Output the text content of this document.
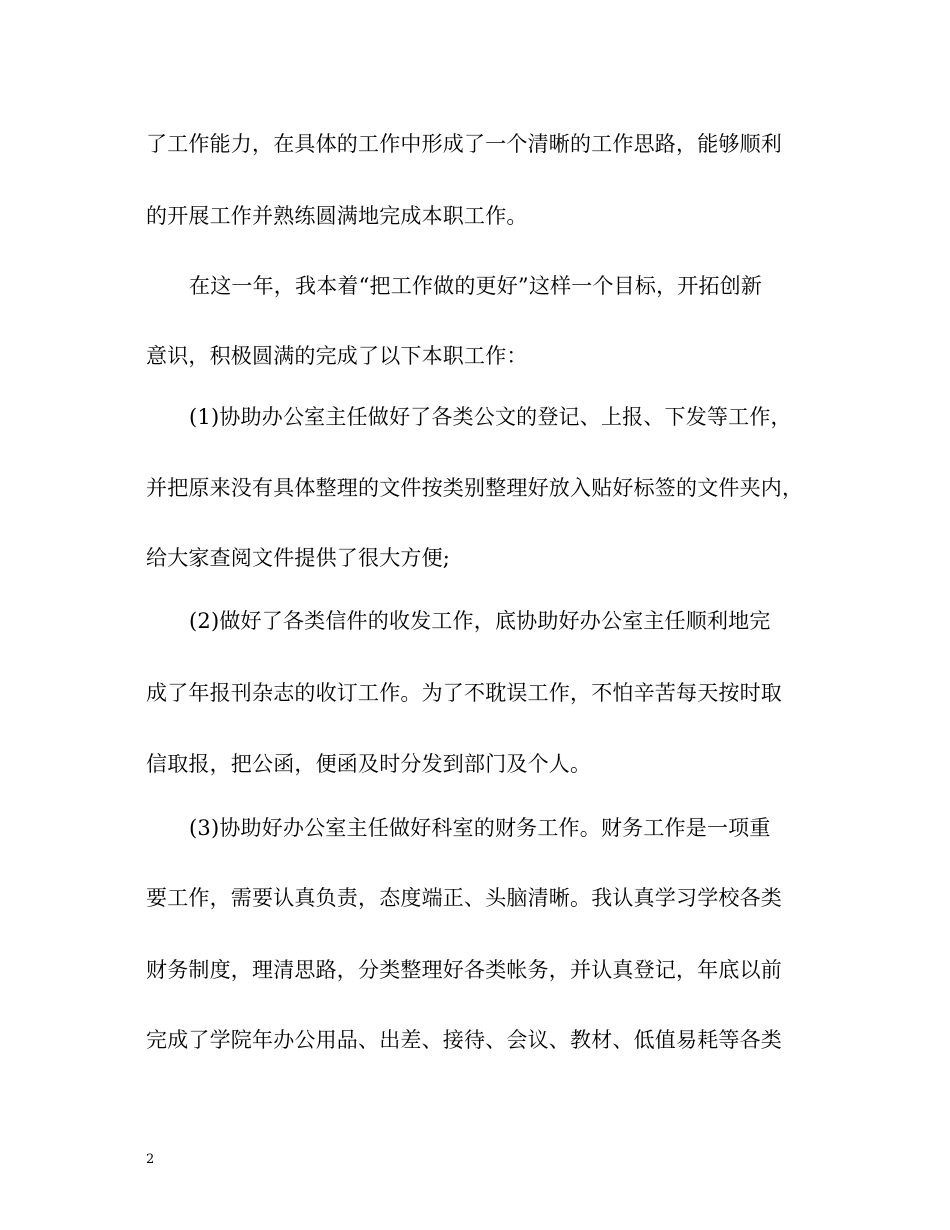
了工作能力，在具体的工作中形成了一个清晰的工作思路，能够顺利
的开展工作并熟练圆满地完成本职工作。
在这一年，我本着“把工作做的更好”这样一个目标，开拓创新
意识，积极圆满的完成了以下本职工作：
(1)协助办公室主任做好了各类公文的登记、上报、下发等工作，
并把原来没有具体整理的文件按类别整理好放入贴好标签的文件夹内，
给大家查阅文件提供了很大方便;
(2)做好了各类信件的收发工作，底协助好办公室主任顺利地完
成了年报刊杂志的收订工作。为了不耽误工作，不怕辛苦每天按时取
信取报，把公函，便函及时分发到部门及个人。
(3)协助好办公室主任做好科室的财务工作。财务工作是一项重
要工作，需要认真负责，态度端正、头脑清晰。我认真学习学校各类
财务制度，理清思路，分类整理好各类帐务，并认真登记，年底以前
完成了学院年办公用品、出差、接待、会议、教材、低值易耗等各类
2
